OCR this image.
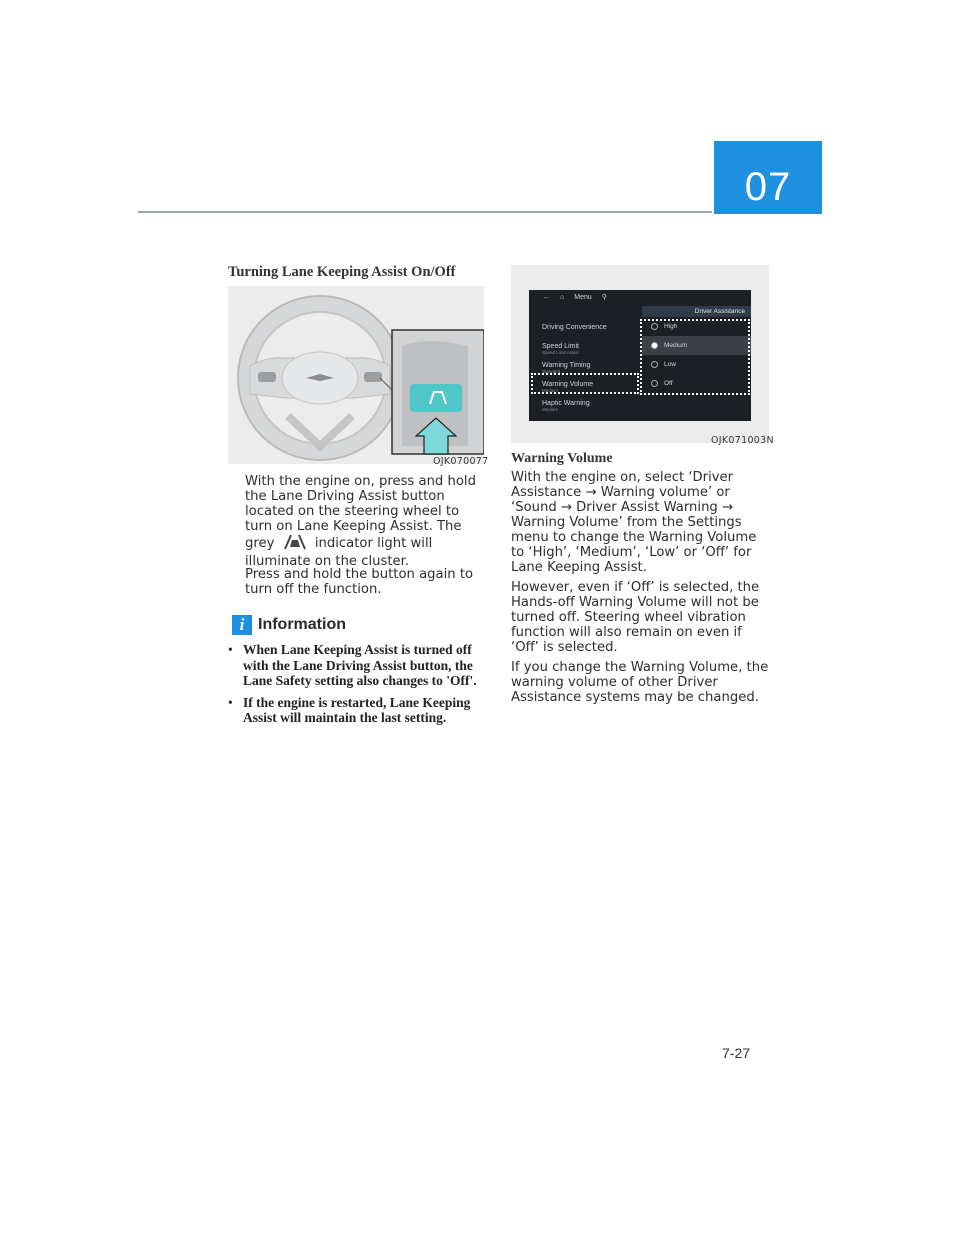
07
Turning Lane Keeping Assist On/Off
OJK070077
With the engine on, press and hold the Lane Driving Assist button located on the steering wheel to turn on Lane Keeping Assist. The grey	indicator light will illuminate on the cluster.
Press and hold the button again to turn off the function.
i Information
• When Lane Keeping Assist is turned off with the Lane Driving Assist button, the Lane Safety setting also changes to 'Off'.
• If the engine is restarted, Lane Keeping Assist will maintain the last setting.
← ⌂ Menu ⚲
Driving Convenience
Speed Limit
Speed Limit Assist
Warning Timing
Standard
Warning Volume
Medium
Haptic Warning
Medium
Driver Assistance
High
Medium
Low
Off
OJK071003N
Warning Volume
With the engine on, select ‘Driver Assistance → Warning volume’ or ‘Sound → Driver Assist Warning → Warning Volume’ from the Settings menu to change the Warning Volume to ‘High’, ‘Medium’, ‘Low’ or ‘Off’ for Lane Keeping Assist.
However, even if ‘Off’ is selected, the Hands-off Warning Volume will not be turned off. Steering wheel vibration function will also remain on even if ‘Off’ is selected.
If you change the Warning Volume, the warning volume of other Driver Assistance systems may be changed.
7-27
